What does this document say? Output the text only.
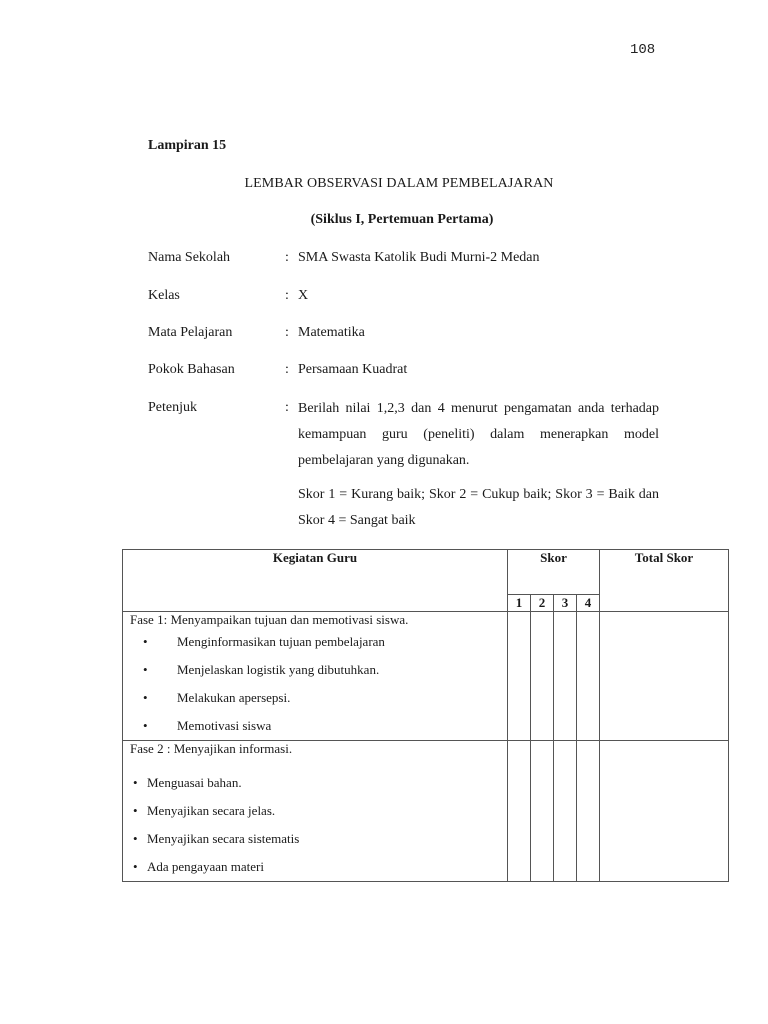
108
Lampiran 15
LEMBAR OBSERVASI DALAM PEMBELAJARAN
(Siklus I, Pertemuan Pertama)
Nama Sekolah	: SMA Swasta Katolik Budi Murni-2 Medan
Kelas	: X
Mata Pelajaran	: Matematika
Pokok Bahasan	: Persamaan Kuadrat
Petenjuk	: Berilah nilai 1,2,3 dan 4 menurut pengamatan anda terhadap kemampuan guru (peneliti) dalam menerapkan model pembelajaran yang digunakan.
Skor 1 = Kurang baik; Skor 2 = Cukup baik; Skor 3 = Baik dan Skor 4 = Sangat baik
Kegiatan Guru	Skor				Total Skor
	1	2	3	4	

Fase 1: Menyampaikan tujuan dan memotivasi siswa.
• Menginformasikan tujuan pembelajaran
• Menjelaskan logistik yang dibutuhkan.
• Melakukan apersepsi.
• Memotivasi siswa

Fase 2 : Menyajikan informasi.
• Menguasai bahan.
• Menyajikan secara jelas.
• Menyajikan secara sistematis
• Ada pengayaan materi
